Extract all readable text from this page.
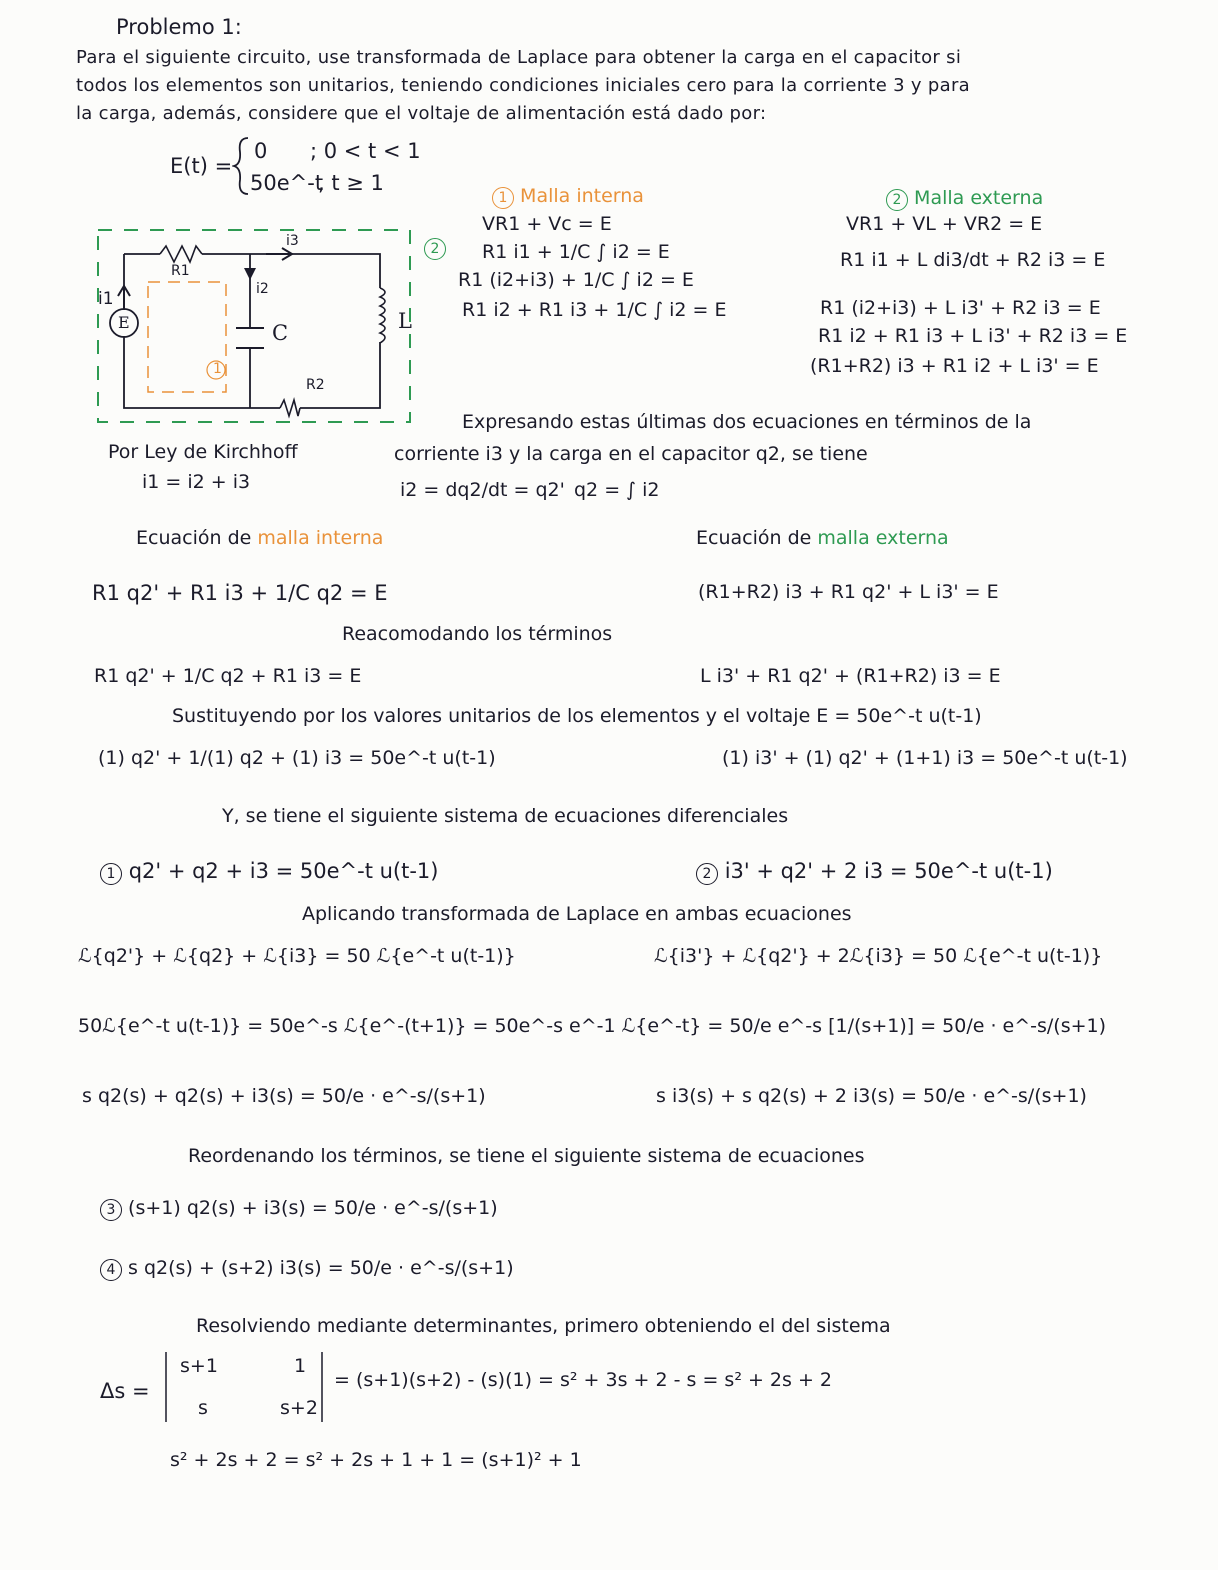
Problemo 1:
Para el siguiente circuito, use transformada de Laplace para obtener la carga en el capacitor si
todos los elementos son unitarios, teniendo condiciones iniciales cero para la corriente 3 y para
la carga, además, considere que el voltaje de alimentación está dado por:
E(t) =
0 ; 0 < t < 1
50e^-t
, t ≥ 1
E
R1
R2
C	L
i1	i2
i3
1
2
Por Ley de Kirchhoff
i1 = i2 + i3
1 Malla interna
VR1 + Vc = E
R1 i1 + 1/C ∫ i2 = E
R1 (i2+i3) + 1/C ∫ i2 = E
R1 i2 + R1 i3 + 1/C ∫ i2 = E
2 Malla externa
VR1 + VL + VR2 = E
R1 i1 + L di3/dt + R2 i3 = E
R1 (i2+i3) + L i3' + R2 i3 = E
R1 i2 + R1 i3 + L i3' + R2 i3 = E
(R1+R2) i3 + R1 i2 + L i3' = E
Expresando estas últimas dos ecuaciones en términos de la
corriente i3 y la carga en el capacitor q2, se tiene
i2 = dq2/dt = q2' q2 = ∫ i2
Ecuación de malla interna	Ecuación de malla externa
R1 q2' + R1 i3 + 1/C q2 = E	(R1+R2) i3 + R1 q2' + L i3' = E
Reacomodando los términos
R1 q2' + 1/C q2 + R1 i3 = E	L i3' + R1 q2' + (R1+R2) i3 = E
Sustituyendo por los valores unitarios de los elementos y el voltaje E = 50e^-t u(t-1)
(1) q2' + 1/(1) q2 + (1) i3 = 50e^-t u(t-1)	(1) i3' + (1) q2' + (1+1) i3 = 50e^-t u(t-1)
Y, se tiene el siguiente sistema de ecuaciones diferenciales
1 q2' + q2 + i3 = 50e^-t u(t-1)	2 i3' + q2' + 2 i3 = 50e^-t u(t-1)
Aplicando transformada de Laplace en ambas ecuaciones
ℒ{q2'} + ℒ{q2} + ℒ{i3} = 50 ℒ{e^-t u(t-1)}	ℒ{i3'} + ℒ{q2'} + 2ℒ{i3} = 50 ℒ{e^-t u(t-1)}
50ℒ{e^-t u(t-1)} = 50e^-s ℒ{e^-(t+1)} = 50e^-s e^-1 ℒ{e^-t} = 50/e e^-s [1/(s+1)] = 50/e · e^-s/(s+1)
s q2(s) + q2(s) + i3(s) = 50/e · e^-s/(s+1)	s i3(s) + s q2(s) + 2 i3(s) = 50/e · e^-s/(s+1)
Reordenando los términos, se tiene el siguiente sistema de ecuaciones
3 (s+1) q2(s) + i3(s) = 50/e · e^-s/(s+1)
4 s q2(s) + (s+2) i3(s) = 50/e · e^-s/(s+1)
Resolviendo mediante determinantes, primero obteniendo el del sistema
Δs =
s+1	1
s	s+2
= (s+1)(s+2) - (s)(1) = s² + 3s + 2 - s = s² + 2s + 2
s² + 2s + 2 = s² + 2s + 1 + 1 = (s+1)² + 1
